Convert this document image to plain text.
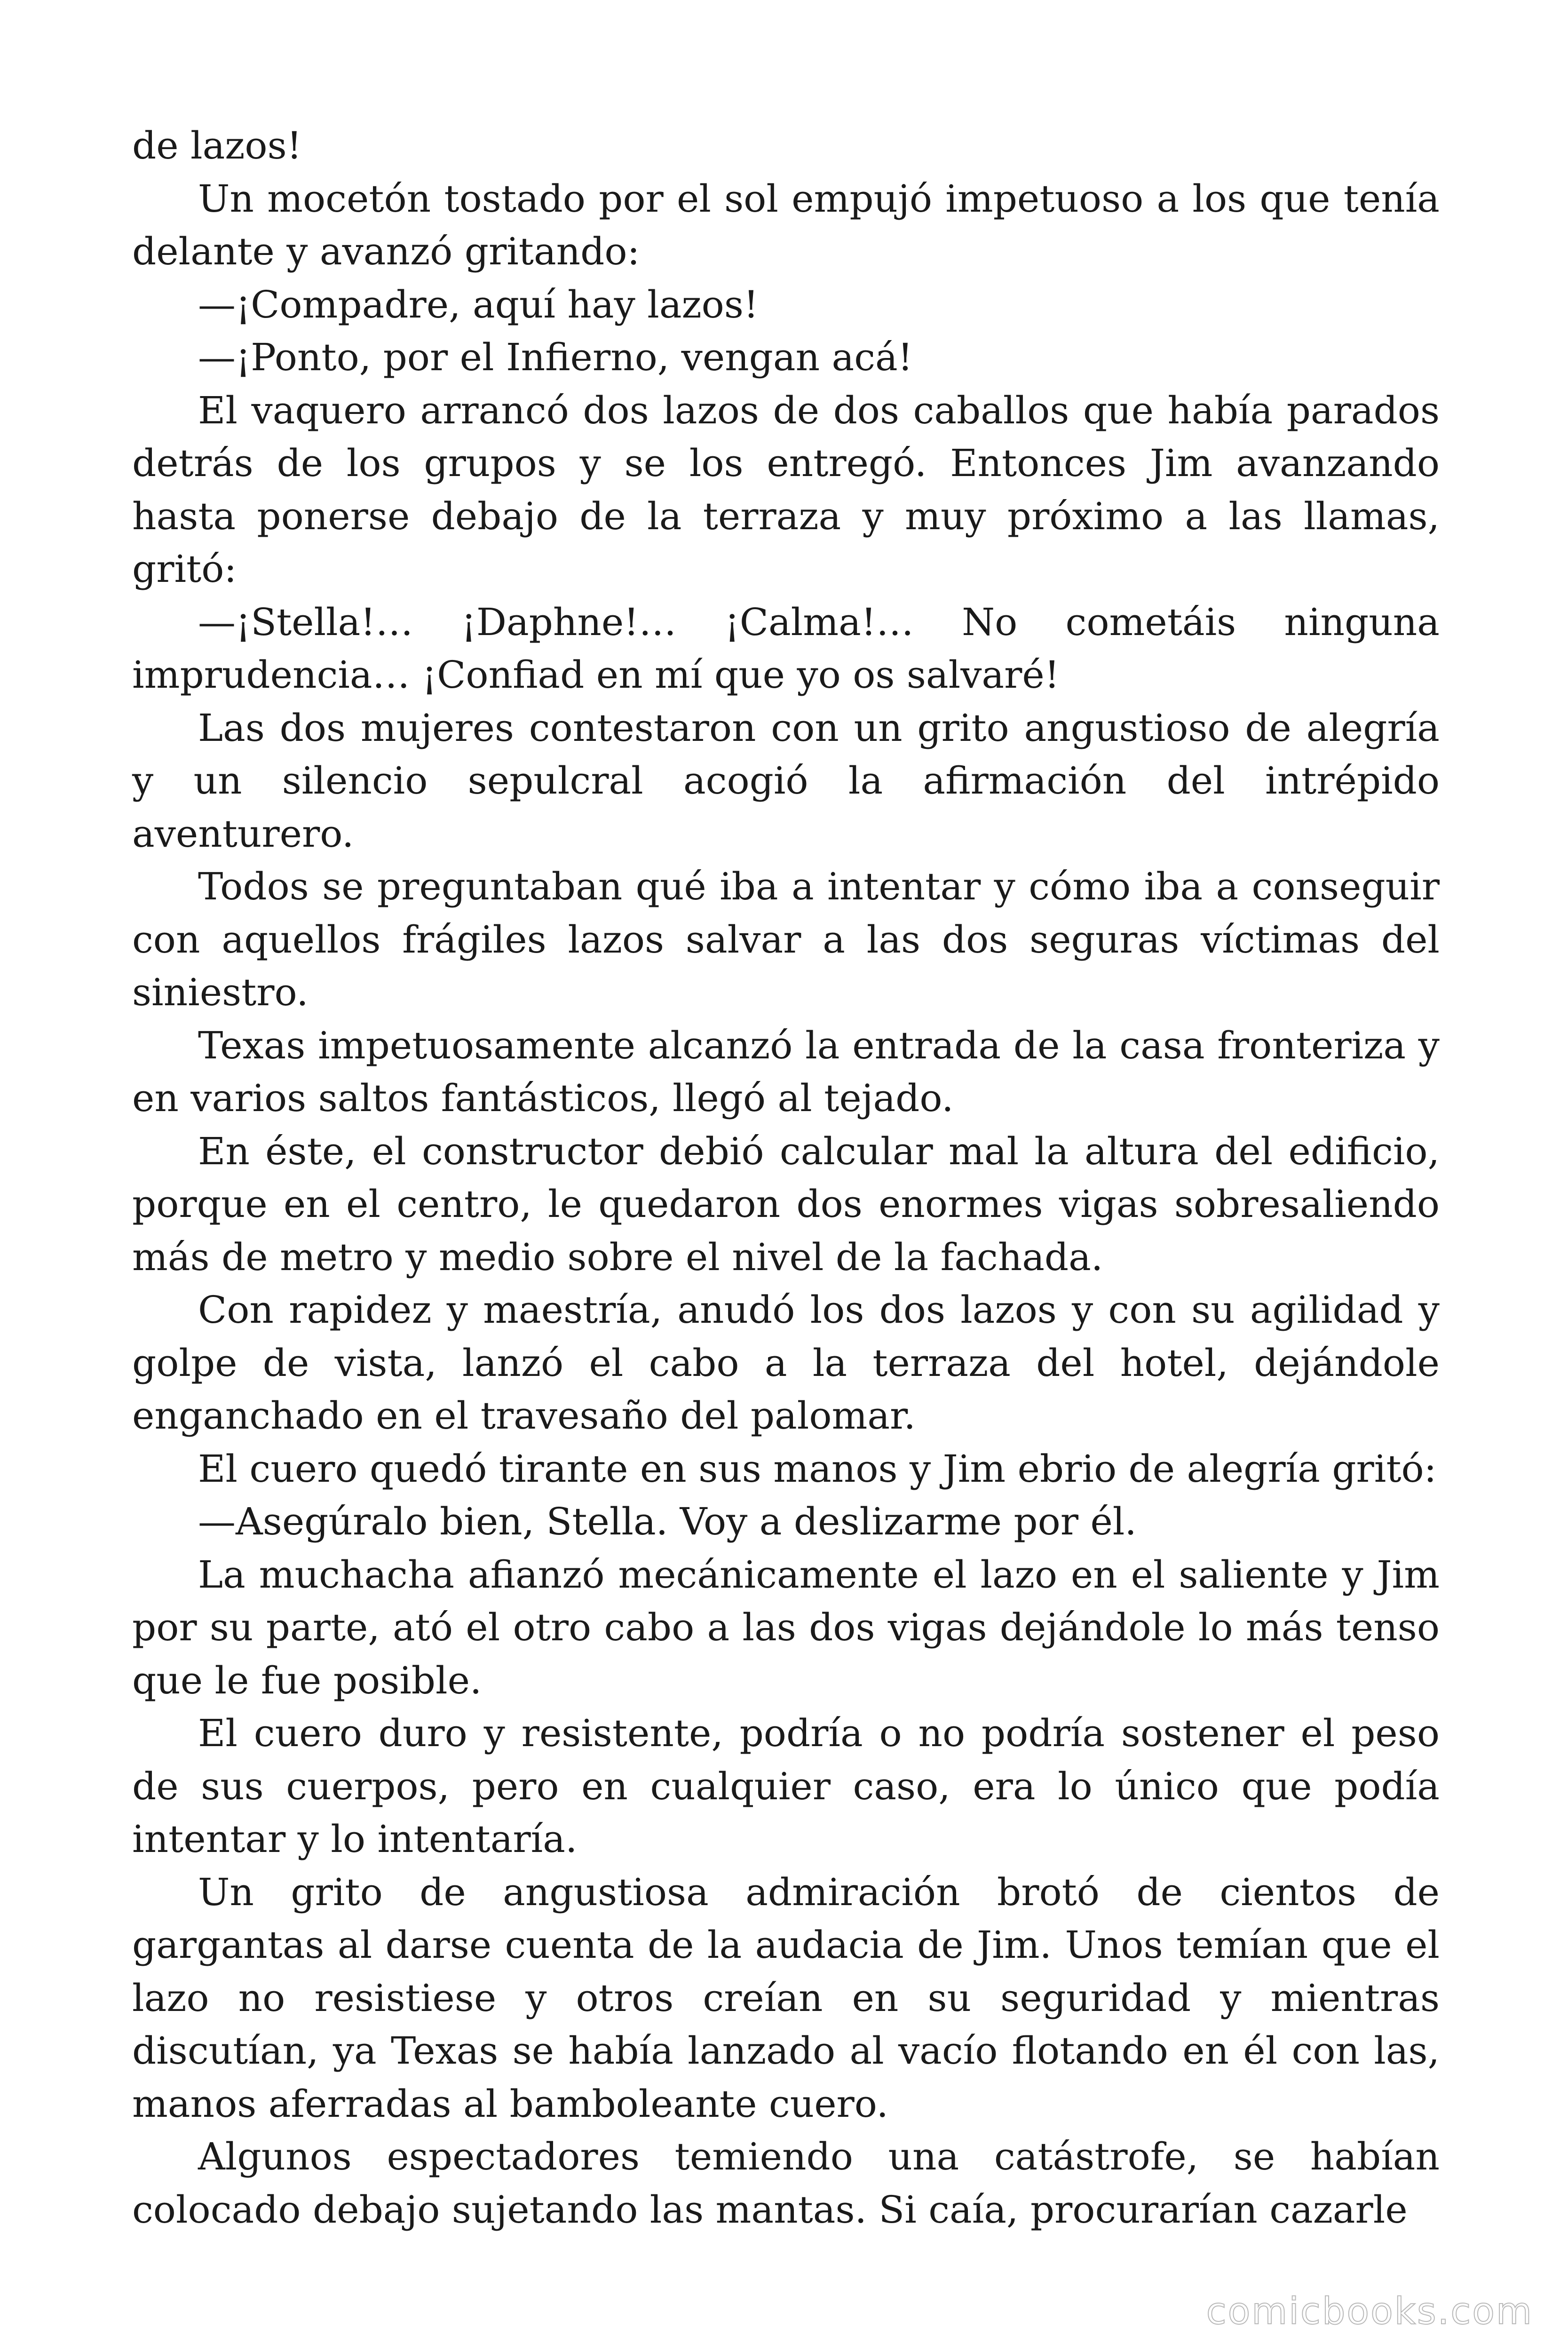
de lazos!

Un mocetón tostado por el sol empujó impetuoso a los que tenía delante y avanzó gritando:

—¡Compadre, aquí hay lazos!

—¡Ponto, por el Infierno, vengan acá!

El vaquero arrancó dos lazos de dos caballos que había parados detrás de los grupos y se los entregó. Entonces Jim avanzando hasta ponerse debajo de la terraza y muy próximo a las llamas, gritó:

—¡Stella!… ¡Daphne!… ¡Calma!… No cometáis ninguna imprudencia… ¡Confiad en mí que yo os salvaré!

Las dos mujeres contestaron con un grito angustioso de alegría y un silencio sepulcral acogió la afirmación del intrépido aventurero.

Todos se preguntaban qué iba a intentar y cómo iba a conseguir con aquellos frágiles lazos salvar a las dos seguras víctimas del siniestro.

Texas impetuosamente alcanzó la entrada de la casa fronteriza y en varios saltos fantásticos, llegó al tejado.

En éste, el constructor debió calcular mal la altura del edificio, porque en el centro, le quedaron dos enormes vigas sobresaliendo más de metro y medio sobre el nivel de la fachada.

Con rapidez y maestría, anudó los dos lazos y con su agilidad y golpe de vista, lanzó el cabo a la terraza del hotel, dejándole enganchado en el travesaño del palomar.

El cuero quedó tirante en sus manos y Jim ebrio de alegría gritó:

—Asegúralo bien, Stella. Voy a deslizarme por él.

La muchacha afianzó mecánicamente el lazo en el saliente y Jim por su parte, ató el otro cabo a las dos vigas dejándole lo más tenso que le fue posible.

El cuero duro y resistente, podría o no podría sostener el peso de sus cuerpos, pero en cualquier caso, era lo único que podía intentar y lo intentaría.

Un grito de angustiosa admiración brotó de cientos de gargantas al darse cuenta de la audacia de Jim. Unos temían que el lazo no resistiese y otros creían en su seguridad y mientras discutían, ya Texas se había lanzado al vacío flotando en él con las, manos aferradas al bamboleante cuero.

Algunos espectadores temiendo una catástrofe, se habían colocado debajo sujetando las mantas. Si caía, procurarían cazarle

comicbooks.com
